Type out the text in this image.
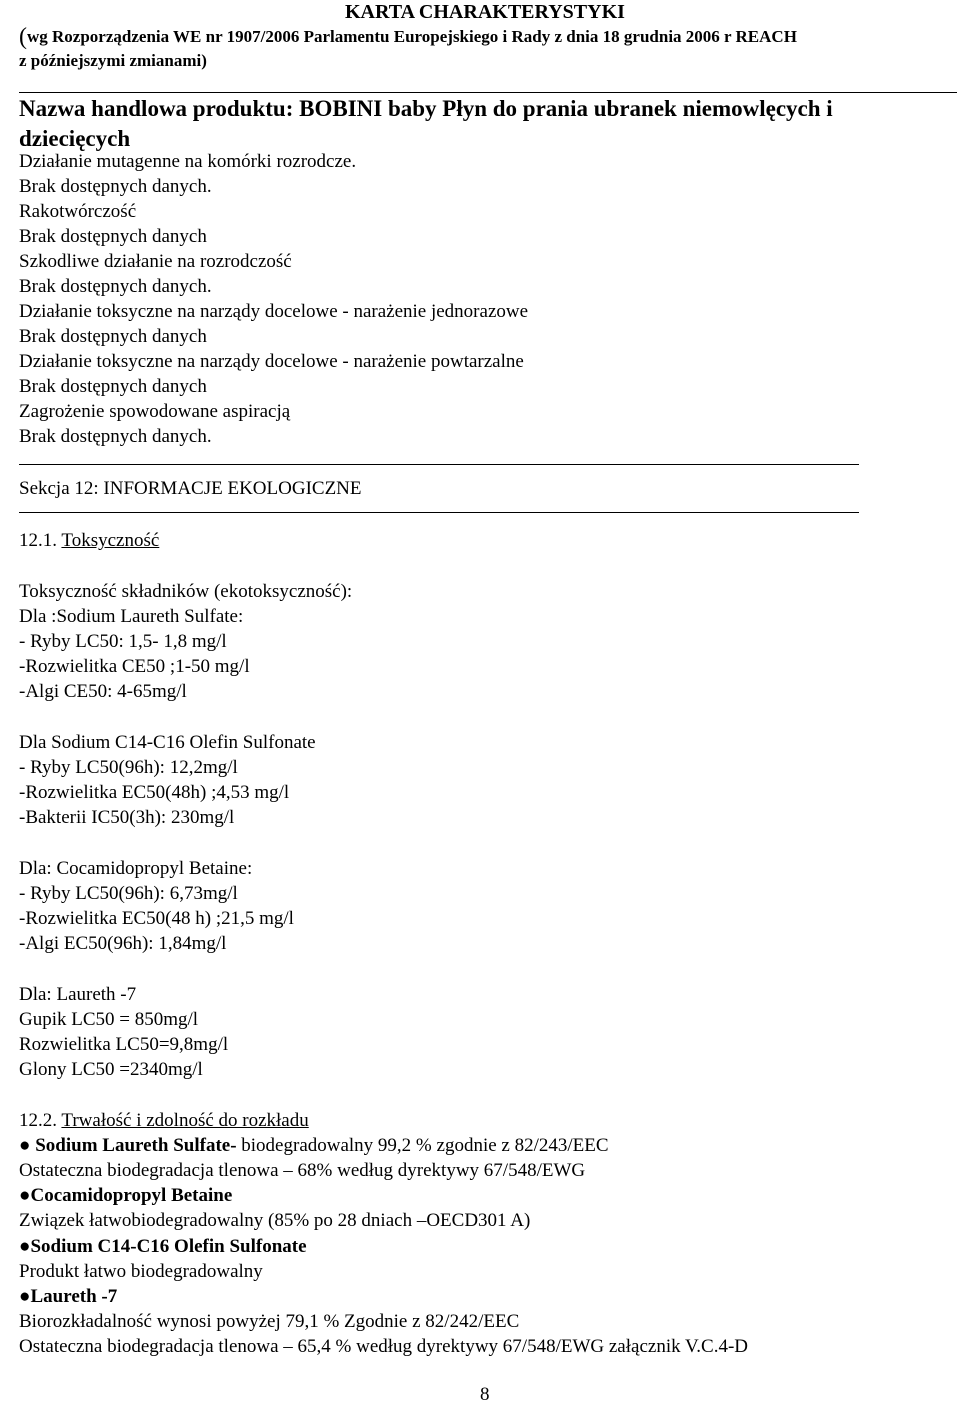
KARTA CHARAKTERYSTYKI
(wg Rozporządzenia WE nr 1907/2006 Parlamentu Europejskiego i Rady z dnia 18 grudnia 2006 r REACH
z późniejszymi zmianami)
Nazwa handlowa produktu: BOBINI baby Płyn do prania ubranek niemowlęcych i
dziecięcych
Działanie mutagenne na komórki rozrodcze.
Brak dostępnych danych.
Rakotwórczość
Brak dostępnych danych
Szkodliwe działanie na rozrodczość
Brak dostępnych danych.
Działanie toksyczne na narządy docelowe - narażenie jednorazowe
Brak dostępnych danych
Działanie toksyczne na narządy docelowe - narażenie powtarzalne
Brak dostępnych danych
Zagrożenie spowodowane aspiracją
Brak dostępnych danych.
Sekcja 12: INFORMACJE EKOLOGICZNE
12.1. Toksyczność
Toksyczność składników (ekotoksyczność):
Dla :Sodium Laureth Sulfate:
- Ryby LC50: 1,5- 1,8 mg/l
-Rozwielitka CE50 ;1-50 mg/l
-Algi CE50: 4-65mg/l
Dla Sodium C14-C16 Olefin Sulfonate
- Ryby LC50(96h): 12,2mg/l
-Rozwielitka EC50(48h) ;4,53 mg/l
-Bakterii IC50(3h): 230mg/l
Dla: Cocamidopropyl Betaine:
- Ryby LC50(96h): 6,73mg/l
-Rozwielitka EC50(48 h) ;21,5 mg/l
-Algi EC50(96h): 1,84mg/l
Dla: Laureth -7
Gupik LC50 = 850mg/l
Rozwielitka LC50=9,8mg/l
Glony LC50 =2340mg/l
12.2. Trwałość i zdolność do rozkładu
● Sodium Laureth Sulfate- biodegradowalny 99,2 % zgodnie z 82/243/EEC
Ostateczna biodegradacja tlenowa – 68% według dyrektywy 67/548/EWG
●Cocamidopropyl Betaine
Związek łatwobiodegradowalny (85% po 28 dniach –OECD301 A)
●Sodium C14-C16 Olefin Sulfonate
Produkt łatwo biodegradowalny
●Laureth -7
Biorozkładalność wynosi powyżej 79,1 % Zgodnie z 82/242/EEC
Ostateczna biodegradacja tlenowa – 65,4 % według dyrektywy 67/548/EWG załącznik V.C.4-D
8
